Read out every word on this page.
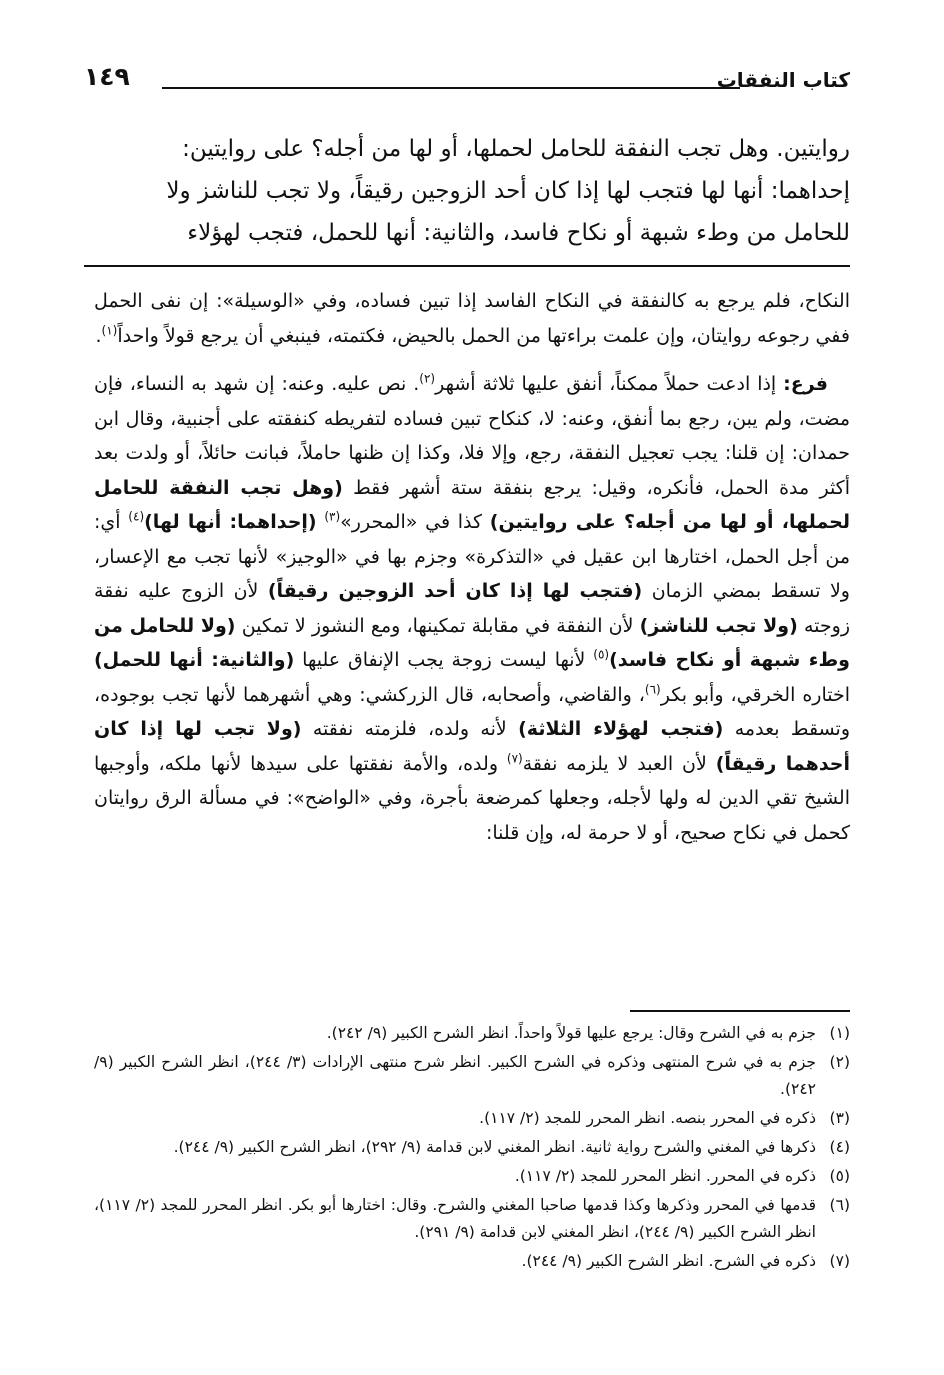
كتاب النفقات
١٤٩

روايتين. وهل تجب النفقة للحامل لحملها، أو لها من أجله؟ على روايتين:

إحداهما: أنها لها فتجب لها إذا كان أحد الزوجين رقيقاً، ولا تجب للناشز ولا

للحامل من وطء شبهة أو نكاح فاسد، والثانية: أنها للحمل، فتجب لهؤلاء

النكاح، فلم يرجع به كالنفقة في النكاح الفاسد إذا تبين فساده، وفي «الوسيلة»: إن نفى الحمل ففي رجوعه روايتان، وإن علمت براءتها من الحمل بالحيض، فكتمته، فينبغي أن يرجع قولاً واحداً$^{(١)}$.

فرع: إذا ادعت حملاً ممكناً، أنفق عليها ثلاثة أشهر$^{(٢)}$. نص عليه. وعنه: إن شهد به النساء، فإن مضت، ولم يبن، رجع بما أنفق، وعنه: لا، كنكاح تبين فساده لتفريطه كنفقته على أجنبية، وقال ابن حمدان: إن قلنا: يجب تعجيل النفقة، رجع، وإلا فلا، وكذا إن ظنها حاملاً، فبانت حائلاً، أو ولدت بعد أكثر مدة الحمل، فأنكره، وقيل: يرجع بنفقة ستة أشهر فقط (وهل تجب النفقة للحامل لحملها، أو لها من أجله؟ على روايتين) كذا في «المحرر»$^{(٣)}$ (إحداهما: أنها لها)$^{(٤)}$ أي: من أجل الحمل، اختارها ابن عقيل في «التذكرة» وجزم بها في «الوجيز» لأنها تجب مع الإعسار، ولا تسقط بمضي الزمان (فتجب لها إذا كان أحد الزوجين رقيقاً) لأن الزوج عليه نفقة زوجته (ولا تجب للناشز) لأن النفقة في مقابلة تمكينها، ومع النشوز لا تمكين (ولا للحامل من وطء شبهة أو نكاح فاسد)$^{(٥)}$ لأنها ليست زوجة يجب الإنفاق عليها (والثانية: أنها للحمل) اختاره الخرقي، وأبو بكر$^{(٦)}$، والقاضي، وأصحابه، قال الزركشي: وهي أشهرهما لأنها تجب بوجوده، وتسقط بعدمه (فتجب لهؤلاء الثلاثة) لأنه ولده، فلزمته نفقته (ولا تجب لها إذا كان أحدهما رقيقاً) لأن العبد لا يلزمه نفقة$^{(٧)}$ ولده، والأمة نفقتها على سيدها لأنها ملكه، وأوجبها الشيخ تقي الدين له ولها لأجله، وجعلها كمرضعة بأجرة، وفي «الواضح»: في مسألة الرق روايتان كحمل في نكاح صحيح، أو لا حرمة له، وإن قلنا:

(١)
جزم به في الشرح وقال: يرجع عليها قولاً واحداً. انظر الشرح الكبير (٩/ ٢٤٢).
(٢)
جزم به في شرح المنتهى وذكره في الشرح الكبير. انظر شرح منتهى الإرادات (٣/ ٢٤٤)، انظر الشرح الكبير (٩/ ٢٤٢).
(٣)
ذكره في المحرر بنصه. انظر المحرر للمجد (٢/ ١١٧).
(٤)
ذكرها في المغني والشرح رواية ثانية. انظر المغني لابن قدامة (٩/ ٢٩٢)، انظر الشرح الكبير (٩/ ٢٤٤).
(٥)
ذكره في المحرر. انظر المحرر للمجد (٢/ ١١٧).
(٦)
قدمها في المحرر وذكرها وكذا قدمها صاحبا المغني والشرح. وقال: اختارها أبو بكر. انظر المحرر للمجد (٢/ ١١٧)، انظر الشرح الكبير (٩/ ٢٤٤)، انظر المغني لابن قدامة (٩/ ٢٩١).
(٧)
ذكره في الشرح. انظر الشرح الكبير (٩/ ٢٤٤).
